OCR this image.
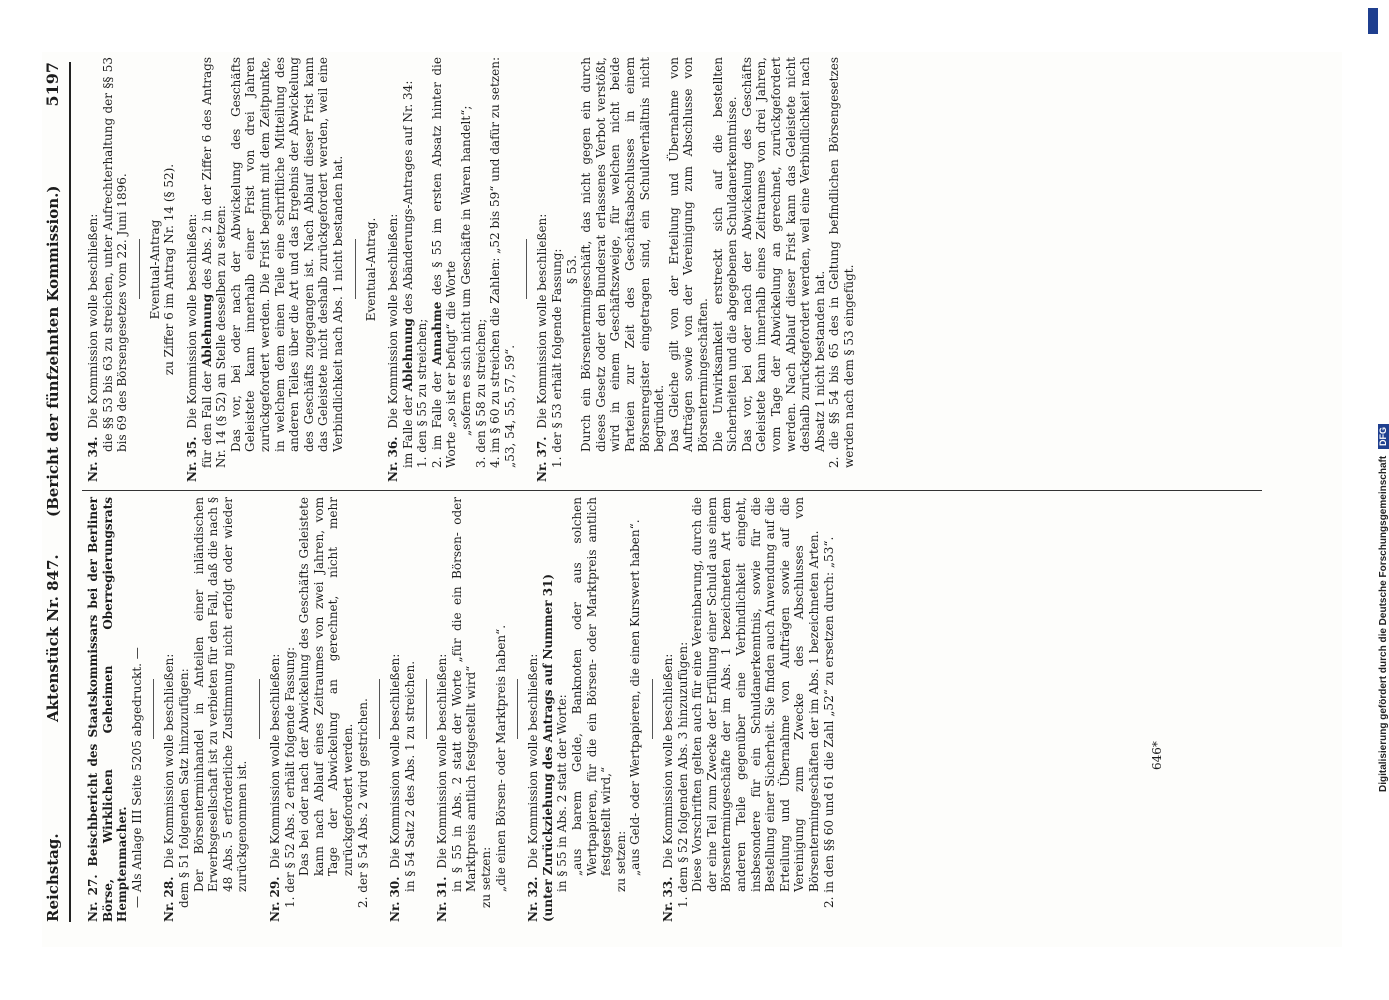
Reichstag.
Aktenstück Nr. 847.
(Bericht der fünfzehnten Kommission.)
5197

Nr. 27.Beischbericht des Staatskommissars bei der Berliner Börse, Wirklichen Geheimen Oberregierungsrats Hemptenmacher. — Als Anlage III Seite 5205 abgedruckt. — Nr. 28.Die Kommission wolle beschließen: dem § 51 folgenden Satz hinzuzufügen: Der Börsenterminhandel in Anteilen einer inländischen Erwerbsgesellschaft ist zu verbieten für den Fall, daß die nach § 48 Abs. 5 erforderliche Zustimmung nicht erfolgt oder wieder zurückgenommen ist.

Nr. 29.Die Kommission wolle beschließen: 1. der § 52 Abs. 2 erhält folgende Fassung: Das bei oder nach der Abwickelung des Geschäfts Geleistete kann nach Ablauf eines Zeitraumes von zwei Jahren, vom Tage der Abwickelung an gerechnet, nicht mehr zurückgefordert werden. 2. der § 54 Abs. 2 wird gestrichen. Nr. 30.Die Kommission wolle beschließen: in § 54 Satz 2 des Abs. 1 zu streichen.

Nr. 31.Die Kommission wolle beschließen: in § 55 in Abs. 2 statt der Worte „für die ein Börsen- oder Marktpreis amtlich festgestellt wird“ zu setzen: „die einen Börsen- oder Marktpreis haben“.

Nr. 32.Die Kommission wolle beschließen: (unter Zurückziehung des Antrags auf Nummer 31) in § 55 in Abs. 2 statt der Worte: „aus barem Gelde, Banknoten oder aus solchen Wertpapieren, für die ein Börsen- oder Marktpreis amtlich festgestellt wird,“ zu setzen: „aus Geld- oder Wertpapieren, die einen Kurswert haben“.

Nr. 33.Die Kommission wolle beschließen: 1. dem § 52 folgenden Abs. 3 hinzuzufügen: Diese Vorschriften gelten auch für eine Vereinbarung, durch die der eine Teil zum Zwecke der Erfüllung einer Schuld aus einem Börsentermingeschäfte der im Abs. 1 bezeichneten Art dem anderen Teile gegenüber eine Verbindlichkeit eingeht, insbesondere für ein Schuldanerkenntnis, sowie für die Bestellung einer Sicherheit. Sie finden auch Anwendung auf die Erteilung und Übernahme von Aufträgen sowie auf die Vereinigung zum Zwecke des Abschlusses von Börsentermingeschäften der im Abs. 1 bezeichneten Arten. 2. in den §§ 60 und 61 die Zahl „52“ zu ersetzen durch: „53“.

Nr. 34.Die Kommission wolle beschließen: die §§ 53 bis 63 zu streichen, unter Aufrechterhaltung der §§ 53 bis 69 des Börsengesetzes vom 22. Juni 1896. Eventual-Antrag zu Ziffer 6 im Antrag Nr. 14 (§ 52).

Nr. 35.Die Kommission wolle beschließen: für den Fall der Ablehnung des Abs. 2 in der Ziffer 6 des Antrags Nr. 14 (§ 52) an Stelle desselben zu setzen: Das vor, bei oder nach der Abwickelung des Geschäfts Geleistete kann innerhalb einer Frist von drei Jahren zurückgefordert werden. Die Frist beginnt mit dem Zeitpunkte, in welchem dem einen Teile eine schriftliche Mitteilung des anderen Teiles über die Art und das Ergebnis der Abwickelung des Geschäfts zugegangen ist. Nach Ablauf dieser Frist kann das Geleistete nicht deshalb zurückgefordert werden, weil eine Verbindlichkeit nach Abs. 1 nicht bestanden hat. Eventual-Antrag.

Nr. 36.Die Kommission wolle beschließen:

im Falle der Ablehnung des Abänderungs-Antrages auf Nr. 34:

1. den § 55 zu streichen; 2. im Falle der Annahme des § 55 im ersten Absatz hinter die Worte „so ist er befugt“ die Worte „sofern es sich nicht um Geschäfte in Waren handelt“; 3. den § 58 zu streichen; 4. im § 60 zu streichen die Zahlen: „52 bis 59“ und dafür zu setzen: „53, 54, 55, 57, 59“. Nr. 37.Die Kommission wolle beschließen: 1. der § 53 erhält folgende Fassung: § 53. Durch ein Börsentermingeschäft, das nicht gegen ein durch dieses Gesetz oder den Bundesrat erlassenes Verbot verstößt, wird in einem Geschäftszweige, für welchen nicht beide Parteien zur Zeit des Geschäftsabschlusses in einem Börsenregister eingetragen sind, ein Schuldverhältnis nicht begründet. Das Gleiche gilt von der Erteilung und Übernahme von Aufträgen sowie von der Vereinigung zum Abschlusse von Börsentermingeschäften. Die Unwirksamkeit erstreckt sich auf die bestellten Sicherheiten und die abgegebenen Schuldanerkenntnisse. Das vor, bei oder nach der Abwickelung des Geschäfts Geleistete kann innerhalb eines Zeitraumes von drei Jahren, vom Tage der Abwickelung an gerechnet, zurückgefordert werden. Nach Ablauf dieser Frist kann das Geleistete nicht deshalb zurückgefordert werden, weil eine Verbindlichkeit nach Absatz 1 nicht bestanden hat. 2. die §§ 54 bis 65 des in Geltung befindlichen Börsengesetzes werden nach dem § 53 eingefügt.

646*	Digitalisierung gefördert durch die Deutsche Forschungsgemeinschaft DFG
